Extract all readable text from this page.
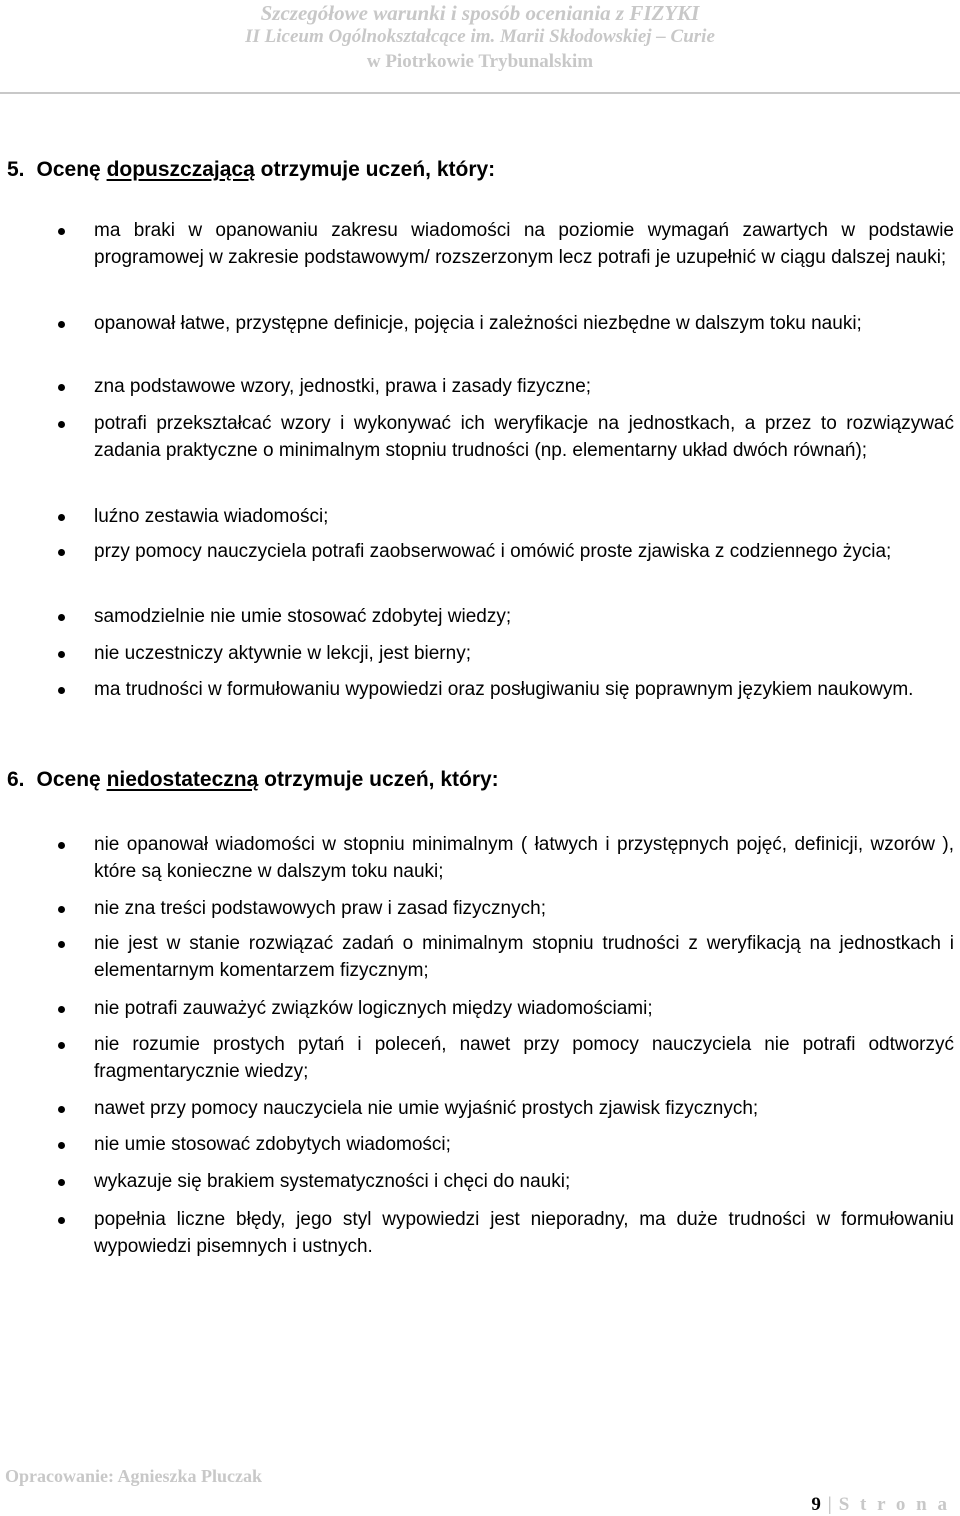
Szczegółowe warunki i sposób oceniania z FIZYKI
II Liceum Ogólnokształcące im. Marii Skłodowskiej – Curie
w Piotrkowie Trybunalskim
5. Ocenę dopuszczającą otrzymuje uczeń, który:
ma braki w opanowaniu zakresu wiadomości na poziomie wymagań zawartych w podstawie programowej w zakresie podstawowym/ rozszerzonym lecz potrafi je uzupełnić w ciągu dalszej nauki;
opanował łatwe, przystępne definicje, pojęcia i zależności niezbędne w dalszym toku nauki;
zna podstawowe wzory, jednostki, prawa i zasady fizyczne;
potrafi przekształcać wzory i wykonywać ich weryfikacje na jednostkach, a przez to rozwiązywać zadania praktyczne o minimalnym stopniu trudności (np. elementarny układ dwóch równań);
luźno zestawia wiadomości;
przy pomocy nauczyciela potrafi zaobserwować i omówić proste zjawiska z codziennego życia;
samodzielnie nie umie stosować zdobytej wiedzy;
nie uczestniczy aktywnie w lekcji, jest bierny;
ma trudności w formułowaniu wypowiedzi oraz posługiwaniu się poprawnym językiem naukowym.
6. Ocenę niedostateczną otrzymuje uczeń, który:
nie opanował wiadomości w stopniu minimalnym ( łatwych i przystępnych pojęć, definicji, wzorów ), które są konieczne w dalszym toku nauki;
nie zna treści podstawowych praw i zasad fizycznych;
nie jest w stanie rozwiązać zadań o minimalnym stopniu trudności z weryfikacją na jednostkach i elementarnym komentarzem fizycznym;
nie potrafi zauważyć związków logicznych między wiadomościami;
nie rozumie prostych pytań i poleceń, nawet przy pomocy nauczyciela nie potrafi odtworzyć fragmentarycznie wiedzy;
nawet przy pomocy nauczyciela nie umie wyjaśnić prostych zjawisk fizycznych;
nie umie stosować zdobytych wiadomości;
wykazuje się brakiem systematyczności i chęci do nauki;
popełnia liczne błędy, jego styl wypowiedzi jest nieporadny, ma duże trudności w formułowaniu wypowiedzi pisemnych i ustnych.
Opracowanie: Agnieszka Pluczak
9 | S t r o n a
